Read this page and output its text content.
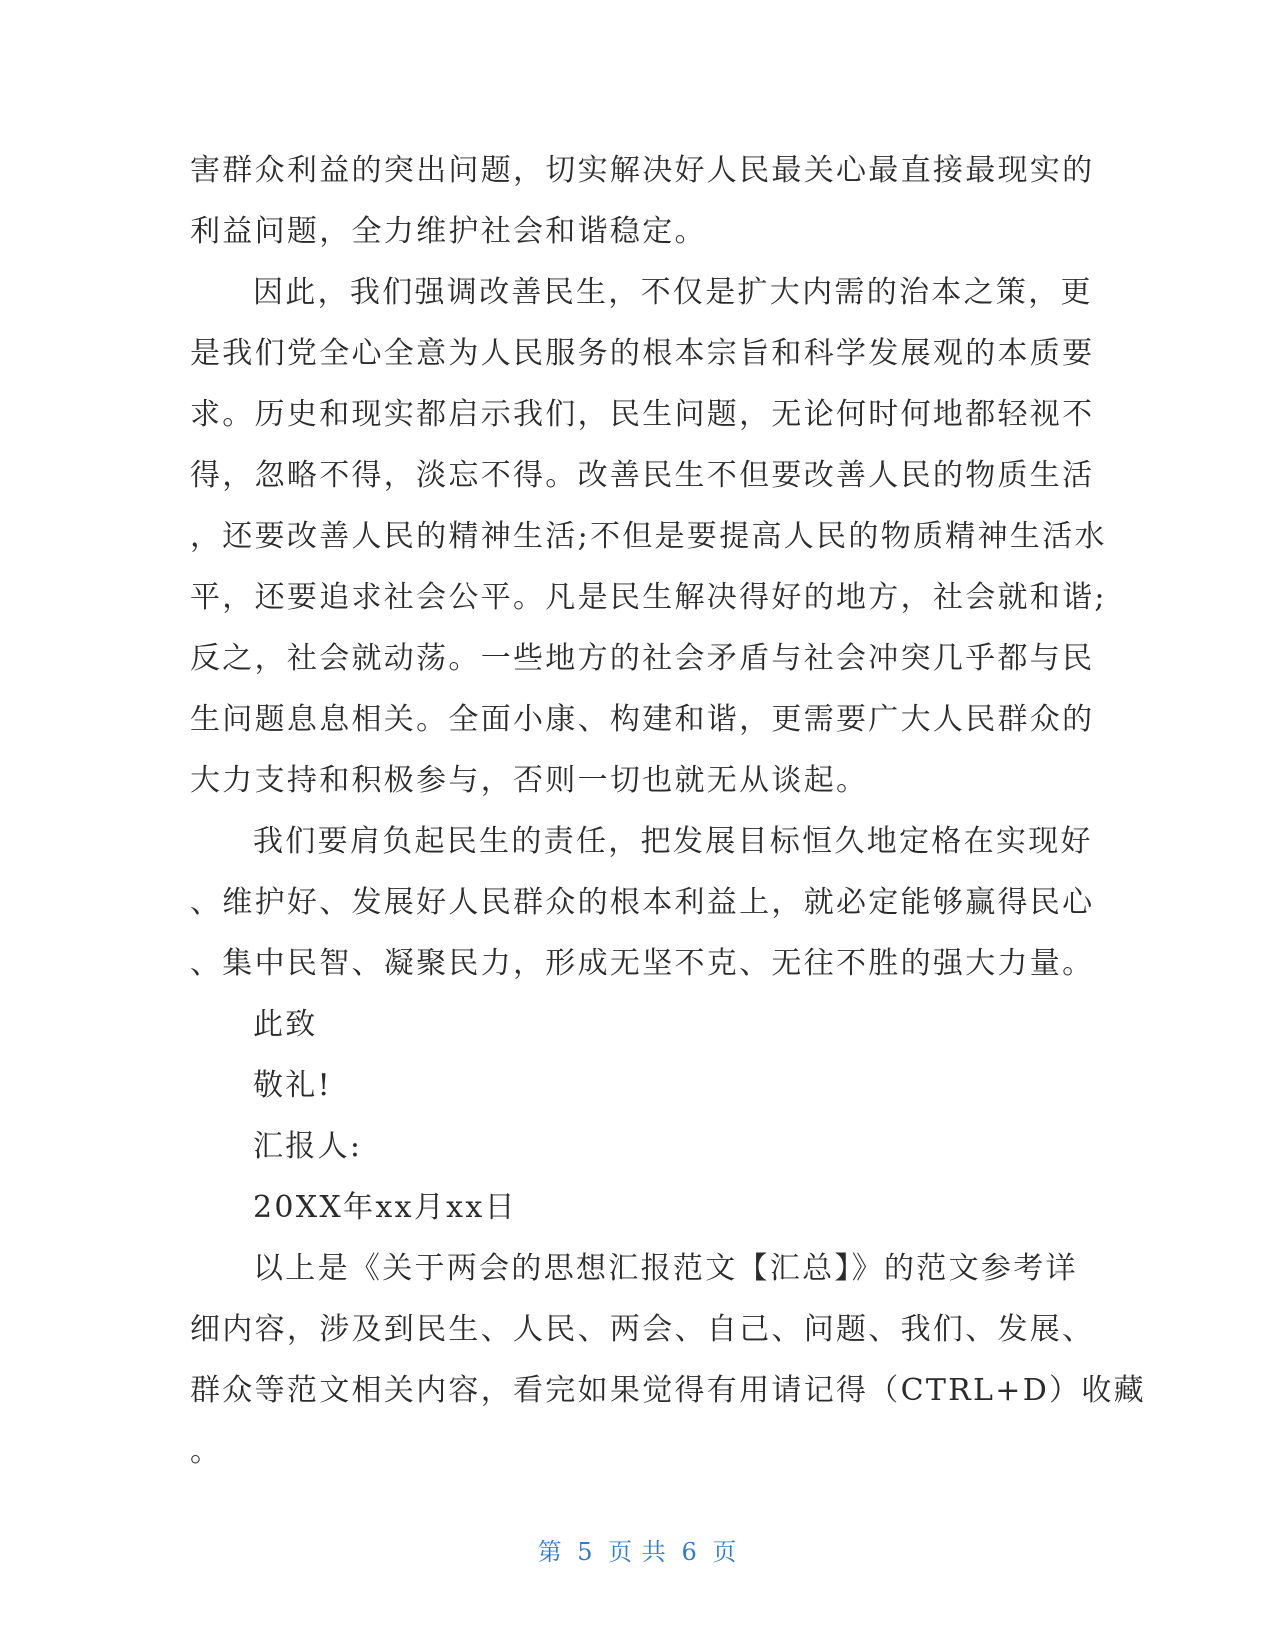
害群众利益的突出问题，切实解决好人民最关心最直接最现实的
利益问题，全力维护社会和谐稳定。
因此，我们强调改善民生，不仅是扩大内需的治本之策，更
是我们党全心全意为人民服务的根本宗旨和科学发展观的本质要
求。历史和现实都启示我们，民生问题，无论何时何地都轻视不
得，忽略不得，淡忘不得。改善民生不但要改善人民的物质生活
，还要改善人民的精神生活;不但是要提高人民的物质精神生活水
平，还要追求社会公平。凡是民生解决得好的地方，社会就和谐;
反之，社会就动荡。一些地方的社会矛盾与社会冲突几乎都与民
生问题息息相关。全面小康、构建和谐，更需要广大人民群众的
大力支持和积极参与，否则一切也就无从谈起。
我们要肩负起民生的责任，把发展目标恒久地定格在实现好
、维护好、发展好人民群众的根本利益上，就必定能够赢得民心
、集中民智、凝聚民力，形成无坚不克、无往不胜的强大力量。
此致
敬礼!
汇报人:
20XX年xx月xx日
以上是《关于两会的思想汇报范文【汇总】》的范文参考详
细内容，涉及到民生、人民、两会、自己、问题、我们、发展、
群众等范文相关内容，看完如果觉得有用请记得（CTRL+D）收藏
。
第 5 页 共 6 页
